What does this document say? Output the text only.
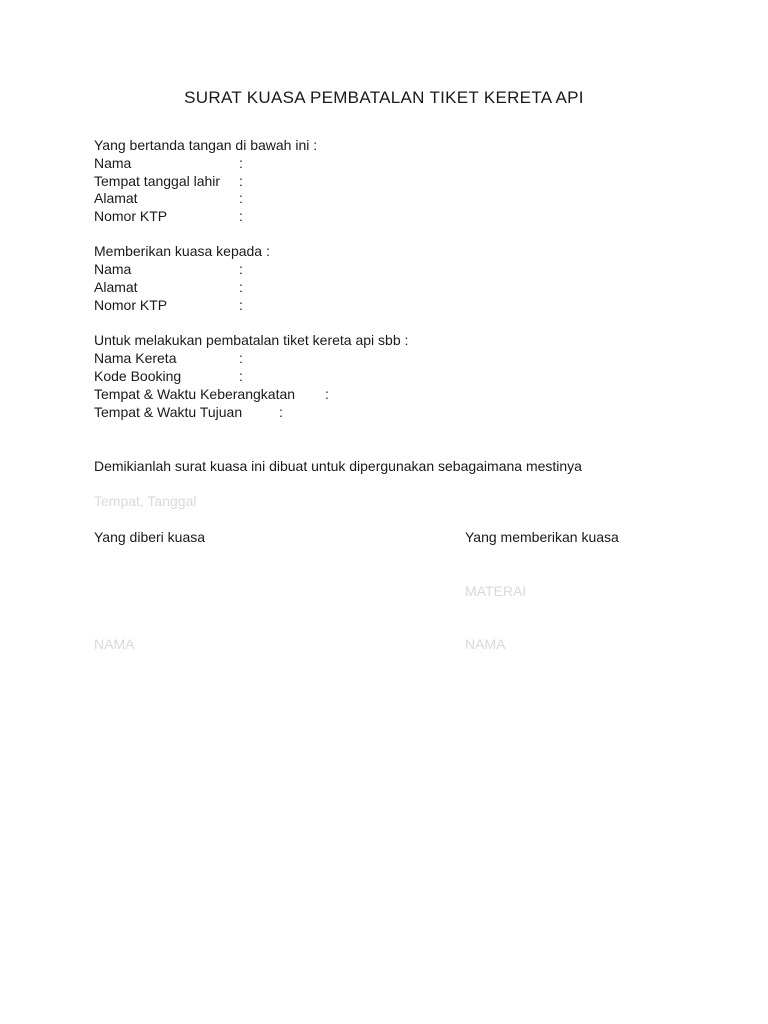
SURAT KUASA PEMBATALAN TIKET KERETA API
Yang bertanda tangan di bawah ini :
Nama	:
Tempat tanggal lahir :
Alamat	:
Nomor KTP	:
Memberikan kuasa kepada :
Nama	:
Alamat	:
Nomor KTP	:
Untuk melakukan pembatalan tiket kereta api sbb :
Nama Kereta	:
Kode Booking	:
Tempat & Waktu Keberangkatan :
Tempat & Waktu Tujuan	:
Demikianlah surat kuasa ini dibuat untuk dipergunakan sebagaimana mestinya
Tempat, Tanggal
Yang diberi kuasa	Yang memberikan kuasa
MATERAI
NAMA	NAMA
